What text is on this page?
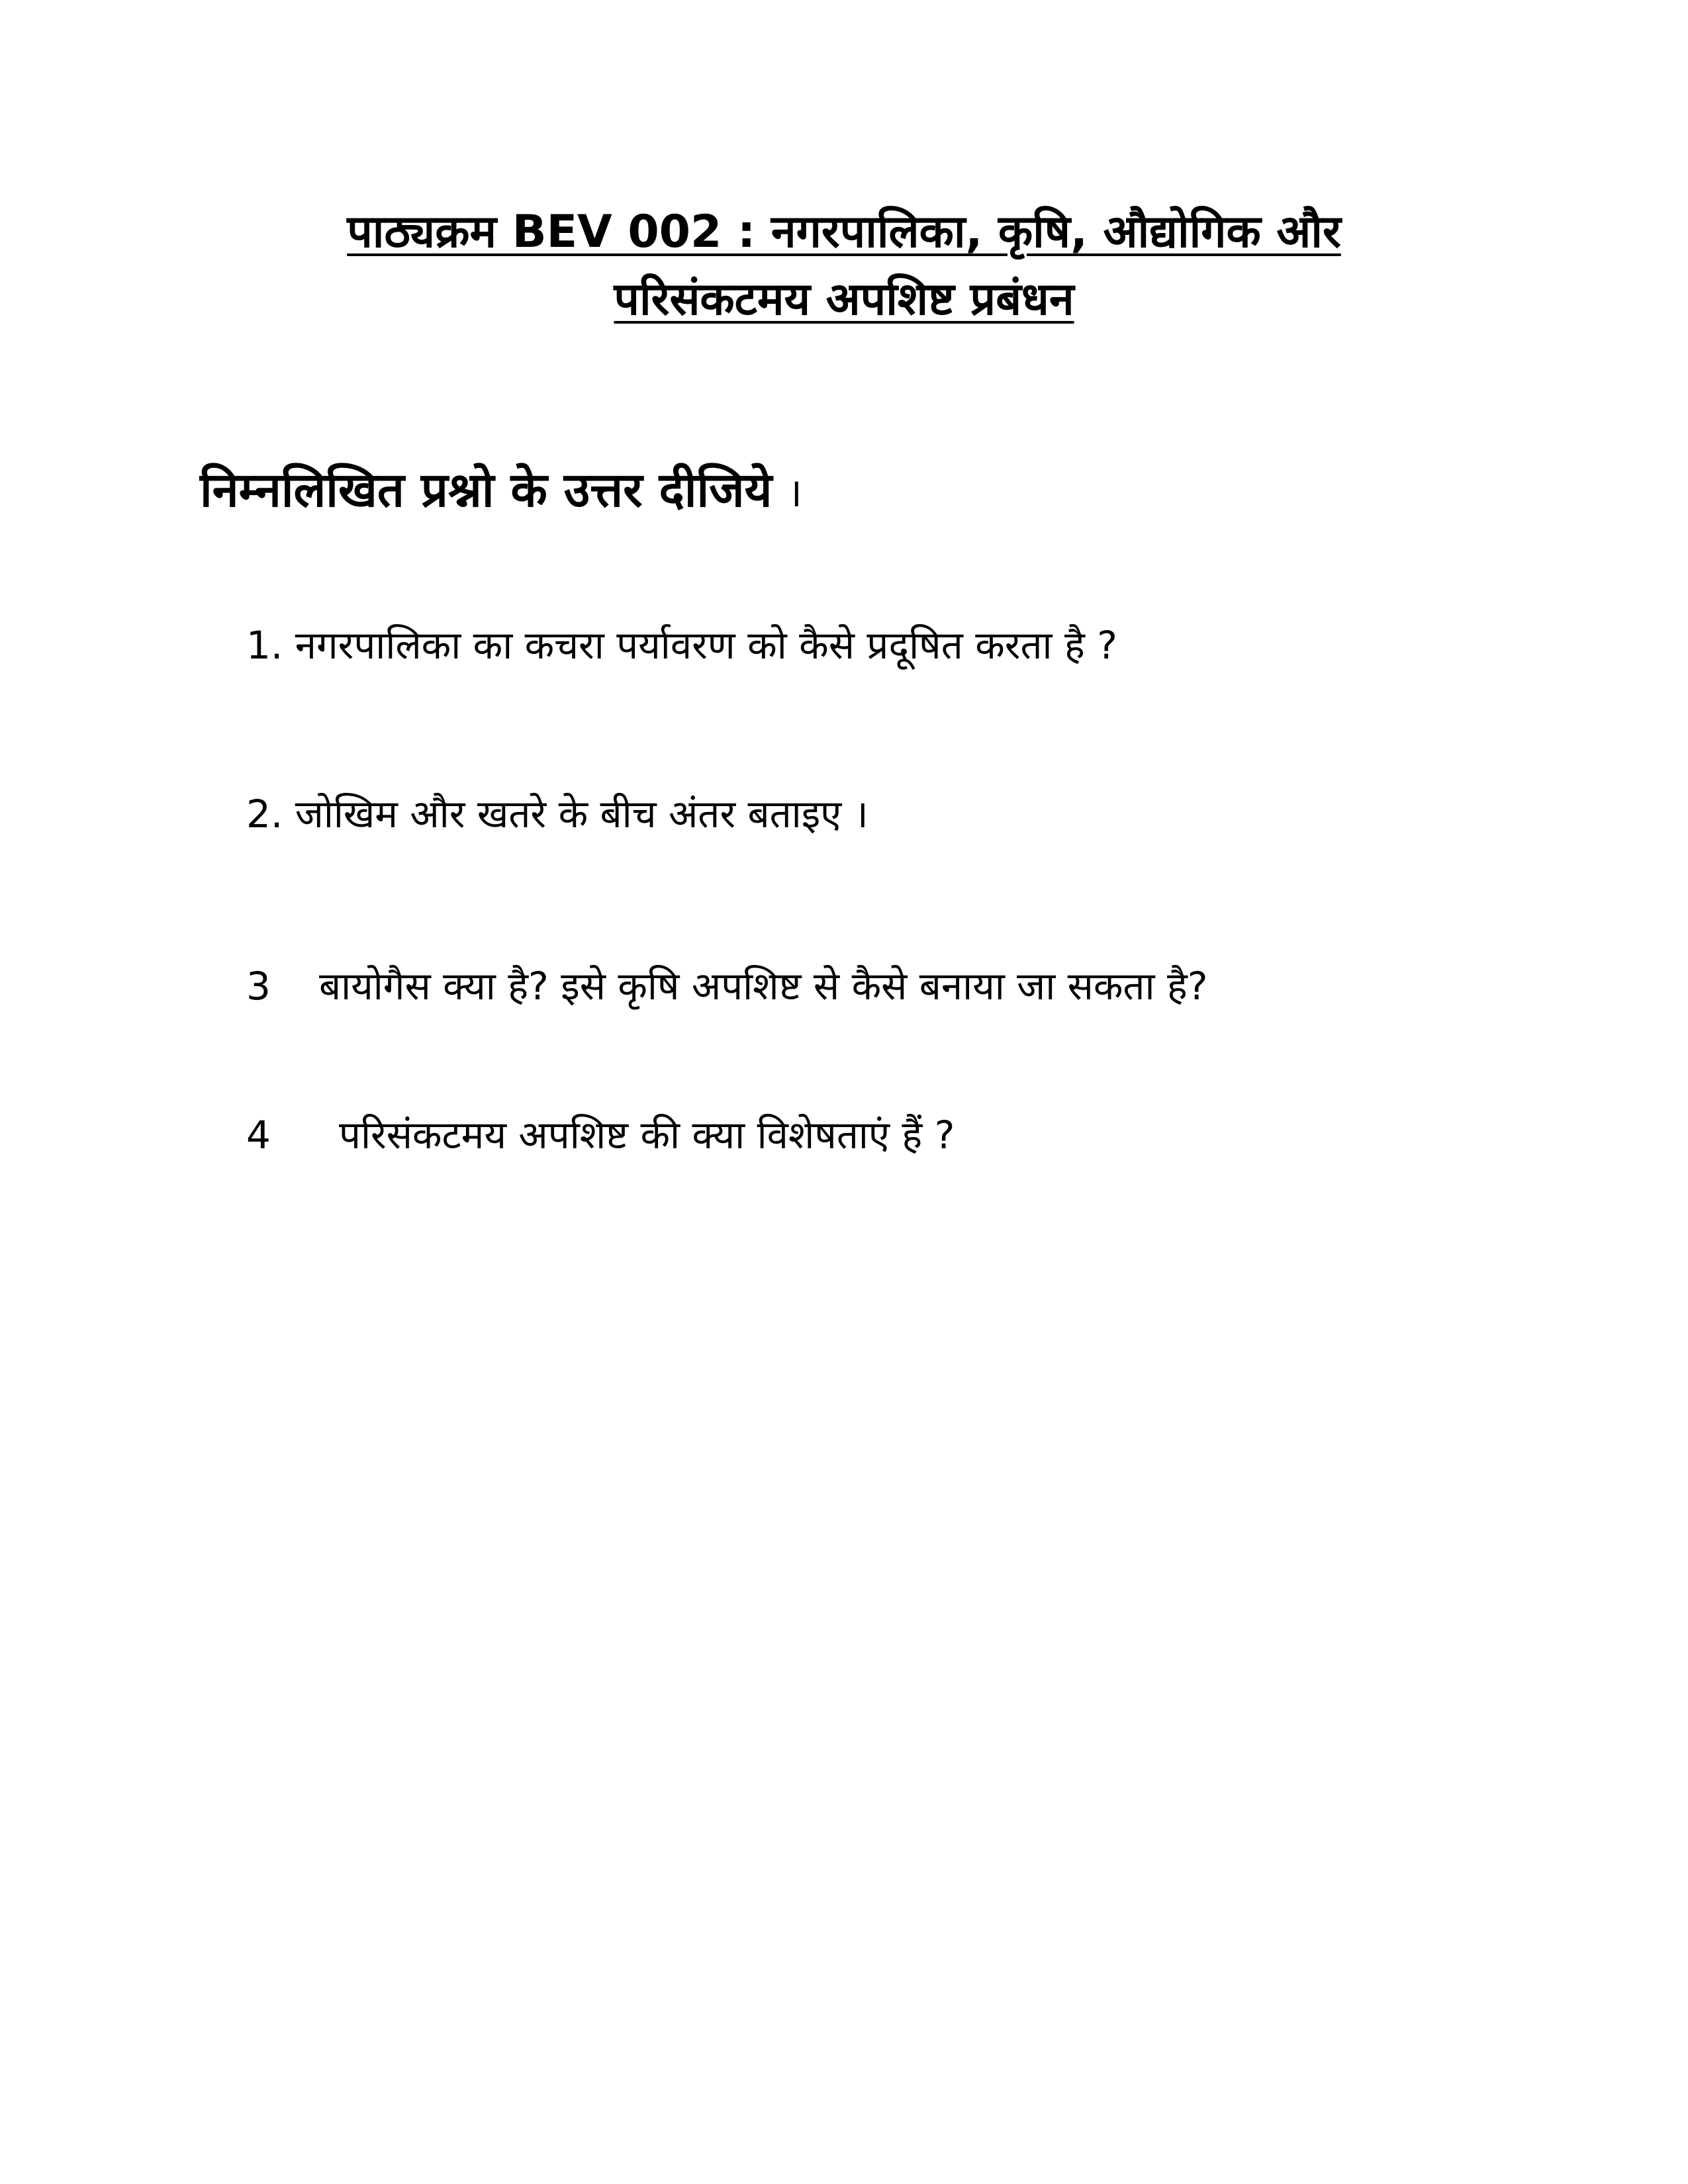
पाठ्यक्रम BEV 002 : नगरपालिका, कृषि, औद्योगिक और
परिसंकटमय अपशिष्ट प्रबंधन
निम्नलिखित प्रश्नो के उत्तर दीजिये ।
1. नगरपालिका का कचरा पर्यावरण को कैसे प्रदूषित करता है ?
2. जोखिम और खतरे के बीच अंतर बताइए ।
3 बायोगैस क्या है? इसे कृषि अपशिष्ट से कैसे बनाया जा सकता है?
4 परिसंकटमय अपशिष्ट की क्या विशेषताएं हैं ?
